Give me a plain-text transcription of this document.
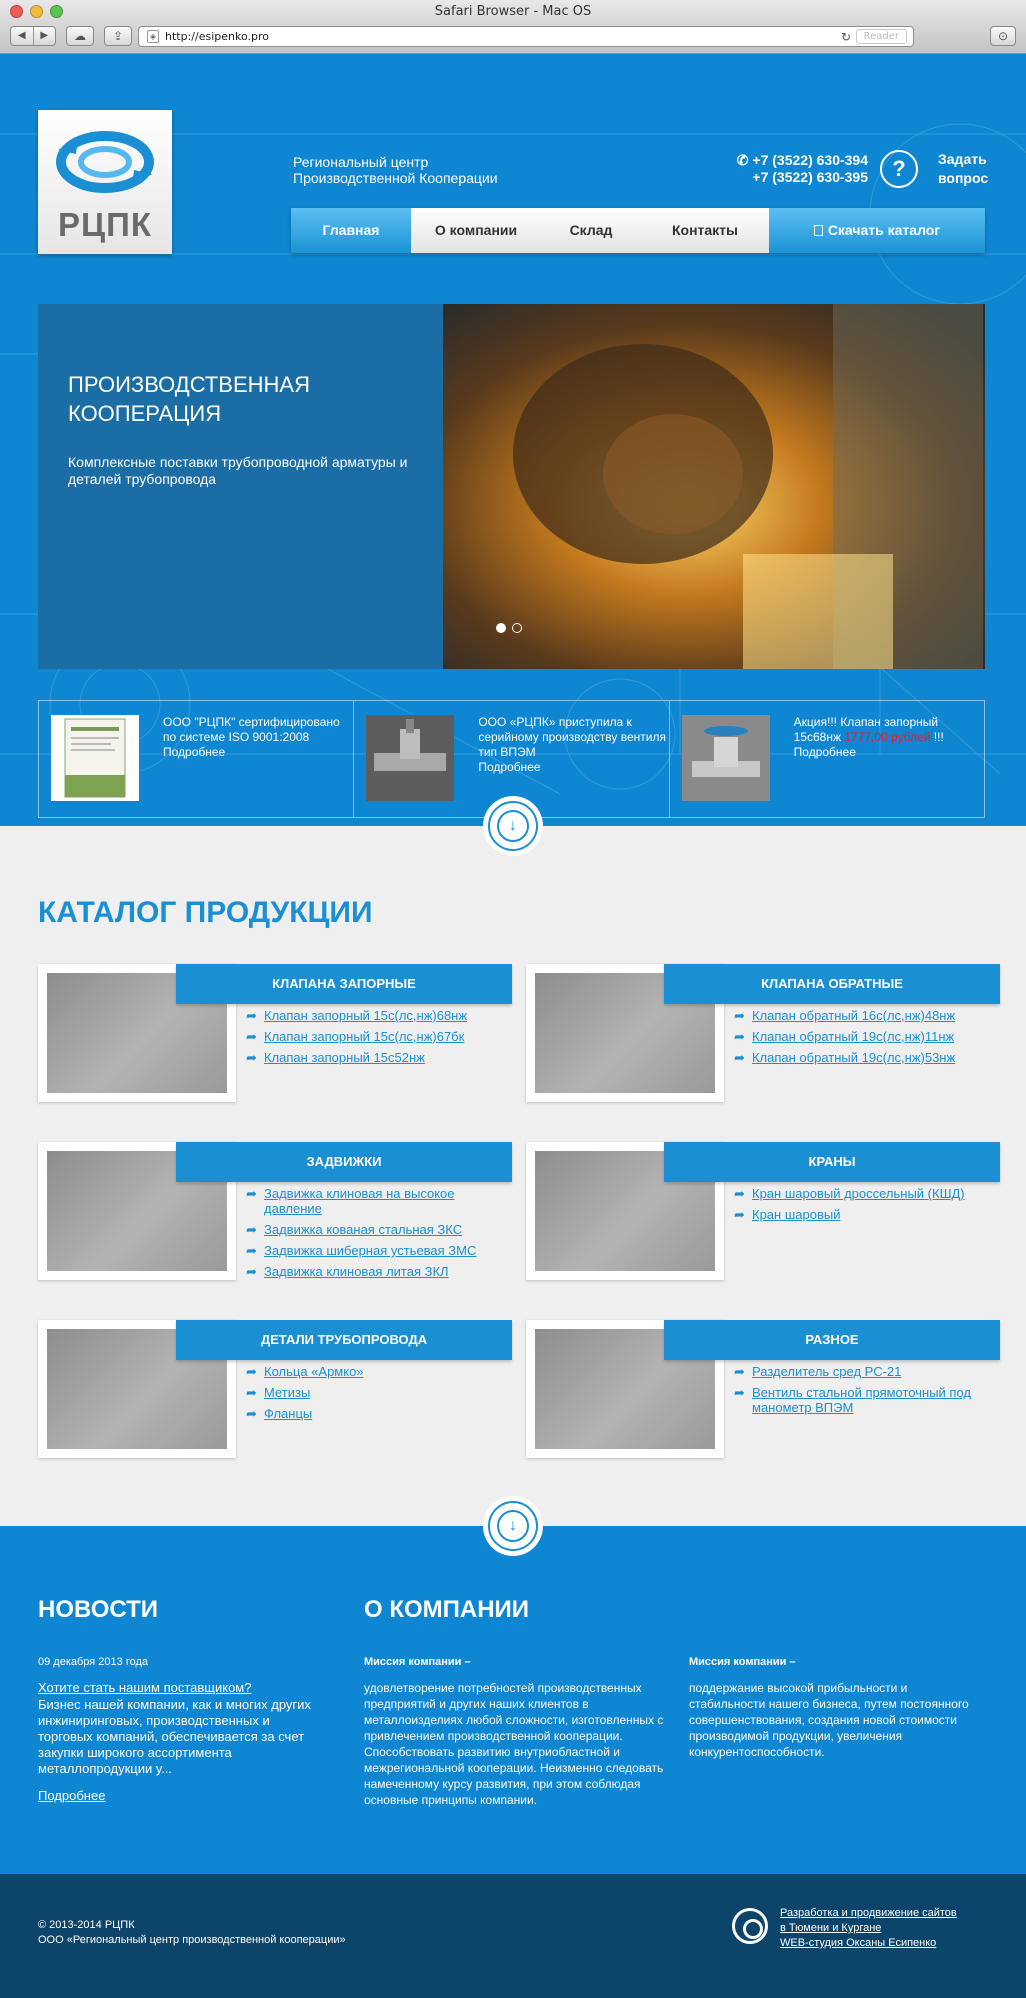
Safari Browser - Mac OS
◀	▶	☁	⇪	◈ http://esipenko.pro	↻	Reader	⊙
РЦПК
Региональный центр Производственной Кооперации
✆ +7 (3522) 630-394
+7 (3522) 630-395	?	Задать вопрос
Главная	О компании	Склад	Контакты	Скачать каталог
ПРОИЗВОДСТВЕННАЯ КООПЕРАЦИЯ
Комплексные поставки трубопроводной арматуры и деталей трубопровода
ООО "РЦПК" сертифицировано по системе ISO 9001:2008
Подробнее
ООО «РЦПК» приступила к серийному производству вентиля тип ВПЭМ
Подробнее
Акция!!! Клапан запорный 15с68нж 1777,00 рублей !!!
Подробнее
↓
КАТАЛОГ ПРОДУКЦИИ
КЛАПАНА ЗАПОРНЫЕ
➦ Клапан запорный 15с(лс,нж)68нж
➦ Клапан запорный 15с(лс,нж)67бк
➦ Клапан запорный 15с52нж
КЛАПАНА ОБРАТНЫЕ
➦ Клапан обратный 16с(лс,нж)48нж
➦ Клапан обратный 19с(лс,нж)11нж
➦ Клапан обратный 19с(лс,нж)53нж
ЗАДВИЖКИ
➦ Задвижка клиновая на высокое давление
➦ Задвижка кованая стальная ЗКС
➦ Задвижка шиберная устьевая ЗМС
➦ Задвижка клиновая литая ЗКЛ
КРАНЫ
➦ Кран шаровый дроссельный (КШД)
➦ Кран шаровый
ДЕТАЛИ ТРУБОПРОВОДА
➦ Кольца «Армко»
➦ Метизы
➦ Фланцы
РАЗНОЕ
➦ Разделитель сред РС-21
➦ Вентиль стальной прямоточный под манометр ВПЭМ
↓
НОВОСТИ
09 декабря 2013 года
Хотите стать нашим поставщиком?
Бизнес нашей компании, как и многих других инжиниринговых, производственных и торговых компаний, обеспечивается за счет закупки широкого ассортимента металлопродукции у...
Подробнее
О КОМПАНИИ
Миссия компании –
удовлетворение потребностей производственных предприятий и других наших клиентов в металлоизделиях любой сложности, изготовленных с привлечением производственной кооперации. Способствовать развитию внутриобластной и межрегиональной кооперации. Неизменно следовать намеченному курсу развития, при этом соблюдая основные принципы компании.
Миссия компании –
поддержание высокой прибыльности и стабильности нашего бизнеса, путем постоянного совершенствования, создания новой стоимости производимой продукции, увеличения конкурентоспособности.
© 2013-2014 РЦПК
ООО «Региональный центр производственной кооперации»
Разработка и продвижение сайтов
в Тюмени и Кургане
WEB-студия Оксаны Есипенко
